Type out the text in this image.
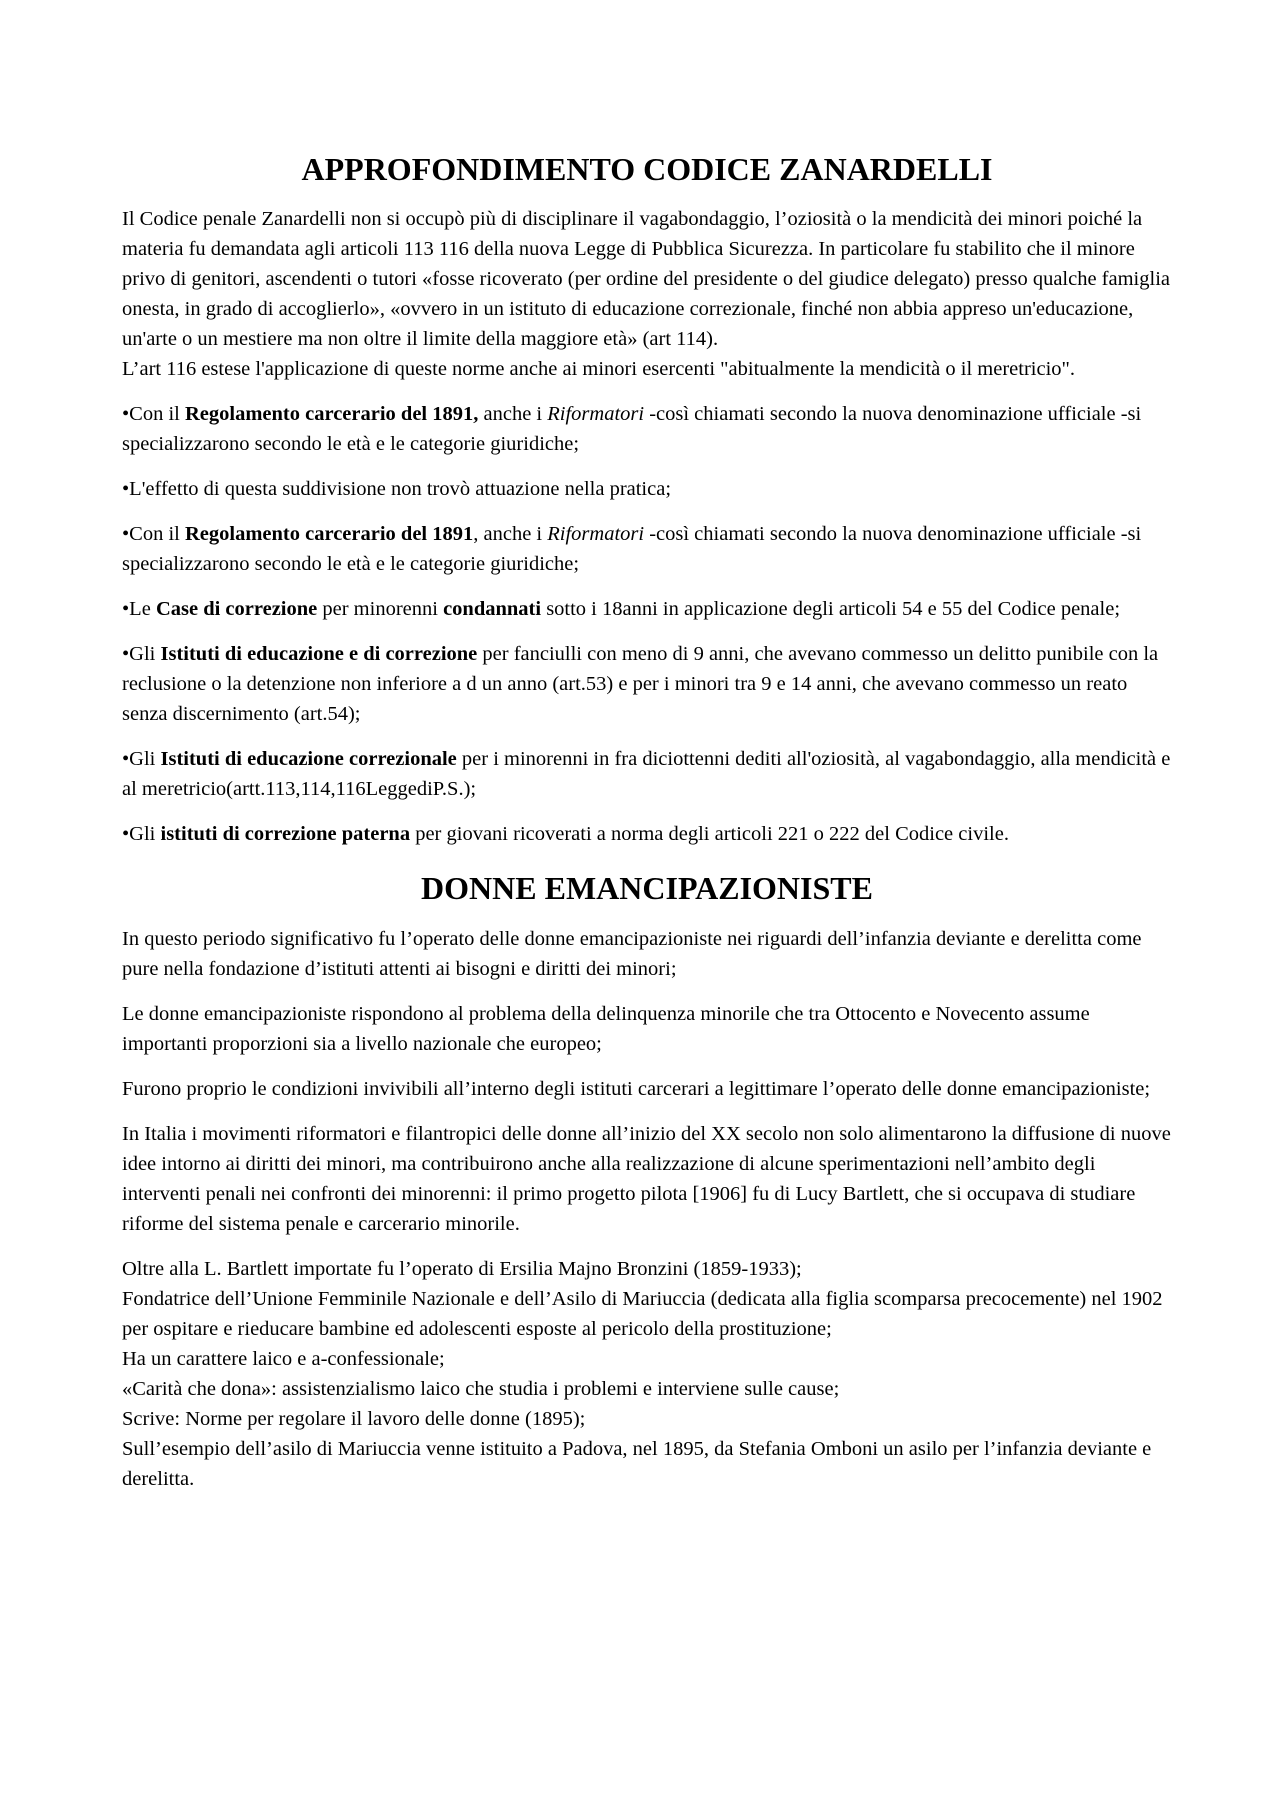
APPROFONDIMENTO CODICE ZANARDELLI

Il Codice penale Zanardelli non si occupò più di disciplinare il vagabondaggio, l’oziosità o la mendicità dei minori poiché la materia fu demandata agli articoli 113 116 della nuova Legge di Pubblica Sicurezza. In particolare fu stabilito che il minore privo di genitori, ascendenti o tutori «fosse ricoverato (per ordine del presidente o del giudice delegato) presso qualche famiglia onesta, in grado di accoglierlo», «ovvero in un istituto di educazione correzionale, finché non abbia appreso un'educazione, un'arte o un mestiere ma non oltre il limite della maggiore età» (art 114).

L’art 116 estese l'applicazione di queste norme anche ai minori esercenti "abitualmente la mendicità o il meretricio".

•Con il Regolamento carcerario del 1891, anche i Riformatori -così chiamati secondo la nuova denominazione ufficiale -si specializzarono secondo le età e le categorie giuridiche;

•L'effetto di questa suddivisione non trovò attuazione nella pratica;

•Con il Regolamento carcerario del 1891, anche i Riformatori -così chiamati secondo la nuova denominazione ufficiale -si specializzarono secondo le età e le categorie giuridiche;

•Le Case di correzione per minorenni condannati sotto i 18anni in applicazione degli articoli 54 e 55 del Codice penale;

•Gli Istituti di educazione e di correzione per fanciulli con meno di 9 anni, che avevano commesso un delitto punibile con la reclusione o la detenzione non inferiore a d un anno (art.53) e per i minori tra 9 e 14 anni, che avevano commesso un reato senza discernimento (art.54);

•Gli Istituti di educazione correzionale per i minorenni in fra diciottenni dediti all'oziosità, al vagabondaggio, alla mendicità e al meretricio(artt.113,114,116LeggediP.S.);

•Gli istituti di correzione paterna per giovani ricoverati a norma degli articoli 221 o 222 del Codice civile.

DONNE EMANCIPAZIONISTE

In questo periodo significativo fu l’operato delle donne emancipazioniste nei riguardi dell’infanzia deviante e derelitta come pure nella fondazione d’istituti attenti ai bisogni e diritti dei minori;

Le donne emancipazioniste rispondono al problema della delinquenza minorile che tra Ottocento e Novecento assume importanti proporzioni sia a livello nazionale che europeo;

Furono proprio le condizioni invivibili all’interno degli istituti carcerari a legittimare l’operato delle donne emancipazioniste;

In Italia i movimenti riformatori e filantropici delle donne all’inizio del XX secolo non solo alimentarono la diffusione di nuove idee intorno ai diritti dei minori, ma contribuirono anche alla realizzazione di alcune sperimentazioni nell’ambito degli interventi penali nei confronti dei minorenni: il primo progetto pilota [1906] fu di Lucy Bartlett, che si occupava di studiare riforme del sistema penale e carcerario minorile.

Oltre alla L. Bartlett importate fu l’operato di Ersilia Majno Bronzini (1859-1933);
Fondatrice dell’Unione Femminile Nazionale e dell’Asilo di Mariuccia (dedicata alla figlia scomparsa precocemente) nel 1902 per ospitare e rieducare bambine ed adolescenti esposte al pericolo della prostituzione;
Ha un carattere laico e a-confessionale;
«Carità che dona»: assistenzialismo laico che studia i problemi e interviene sulle cause;
Scrive: Norme per regolare il lavoro delle donne (1895);
Sull’esempio dell’asilo di Mariuccia venne istituito a Padova, nel 1895, da Stefania Omboni un asilo per l’infanzia deviante e derelitta.
